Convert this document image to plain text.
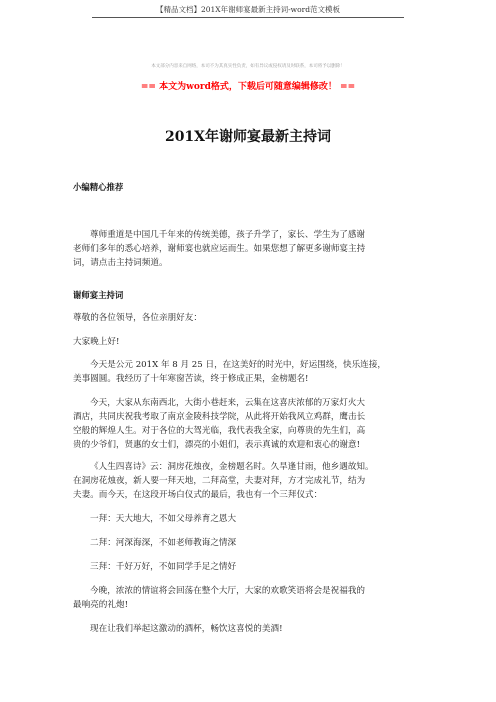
【精品文档】201X年谢师宴最新主持词-word范文模板
本文部分内容来自网络，本司不为其真实性负责，如有异议或侵权请及时联系，本司将予以删除！
== 本文为word格式，下载后可随意编辑修改！ ==
201X年谢师宴最新主持词
小编精心推荐
尊师重道是中国几千年来的传统美德，孩子升学了，家长、学生为了感谢
老师们多年的悉心培养，谢师宴也就应运而生。如果您想了解更多谢师宴主持
词，请点击主持词频道。
谢师宴主持词
尊敬的各位领导，各位亲朋好友：
大家晚上好!
今天是公元 201X 年 8 月 25 日，在这美好的时光中，好运围绕，快乐连接，
美事圆圆。我经历了十年寒窗苦读，终于修成正果，金榜题名!
今天，大家从东南西北，大街小巷赶来，云集在这喜庆浓郁的万家灯火大
酒店，共同庆祝我考取了南京金陵科技学院，从此将开始我风立鸡群，鹰击长
空般的辉煌人生。对于各位的大驾光临，我代表我全家，向尊贵的先生们，高
贵的少爷们，贤惠的女士们，漂亮的小姐们，表示真诚的欢迎和衷心的谢意!
《人生四喜诗》云：洞房花烛夜，金榜题名时。久旱逢甘雨，他乡遇故知。
在洞房花烛夜，新人要一拜天地，二拜高堂，夫妻对拜，方才完成礼节，结为
夫妻。而今天，在这段开场白仪式的最后，我也有一个三拜仪式：
一拜：天大地大，不如父母养育之恩大
二拜：河深海深，不如老师教诲之情深
三拜：千好万好，不如同学手足之情好
今晚，浓浓的情谊将会回荡在整个大厅，大家的欢歌笑语将会是祝福我的
最响亮的礼炮!
现在让我们举起这激动的酒杯，畅饮这喜悦的美酒!
